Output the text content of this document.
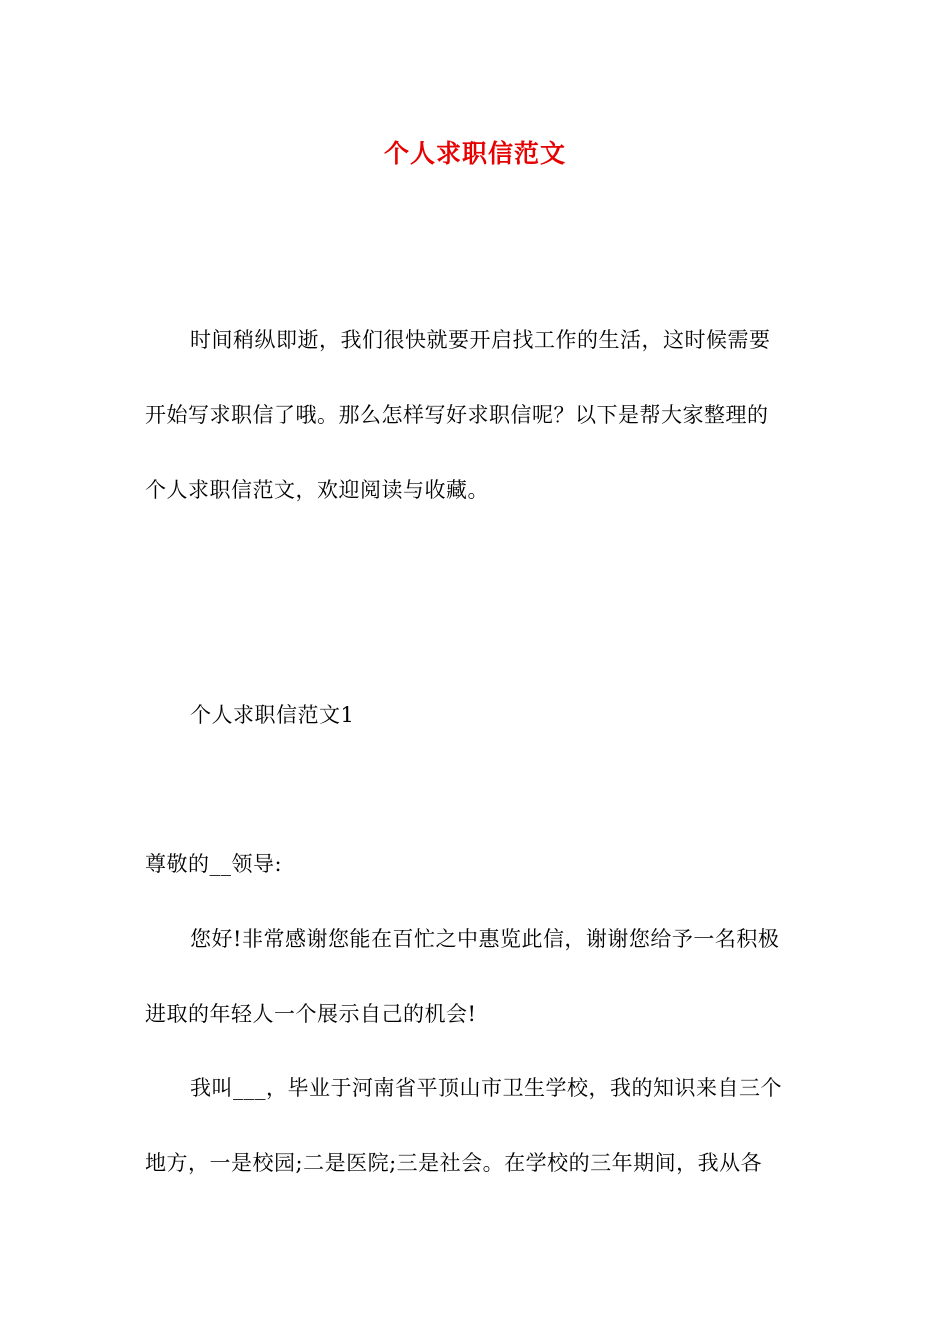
个人求职信范文
时间稍纵即逝，我们很快就要开启找工作的生活，这时候需要
开始写求职信了哦。那么怎样写好求职信呢？以下是帮大家整理的
个人求职信范文，欢迎阅读与收藏。
个人求职信范文1
尊敬的__领导:
您好!非常感谢您能在百忙之中惠览此信，谢谢您给予一名积极
进取的年轻人一个展示自己的机会!
我叫___，毕业于河南省平顶山市卫生学校，我的知识来自三个
地方，一是校园;二是医院;三是社会。在学校的三年期间，我从各
